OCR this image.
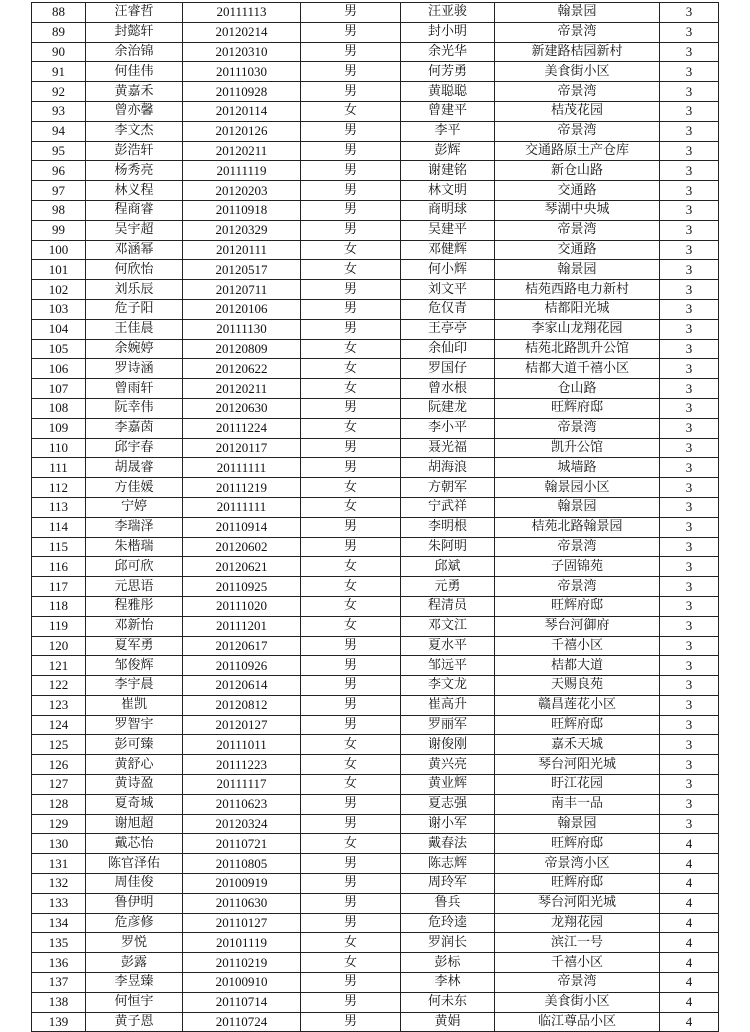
88	汪睿哲	20111113	男	汪亚骏	翰景园	3
89	封懿轩	20120214	男	封小明	帝景湾	3
90	余治锦	20120310	男	余光华	新建路桔园新村	3
91	何佳伟	20111030	男	何芳勇	美食街小区	3
92	黄嘉禾	20110928	男	黄聪聪	帝景湾	3
93	曾亦馨	20120114	女	曾建平	桔茂花园	3
94	李文杰	20120126	男	李平	帝景湾	3
95	彭浩轩	20120211	男	彭辉	交通路原土产仓库	3
96	杨秀亮	20111119	男	谢建铭	新仓山路	3
97	林义程	20120203	男	林文明	交通路	3
98	程商睿	20110918	男	商明球	琴湖中央城	3
99	吴宇超	20120329	男	吴建平	帝景湾	3
100	邓涵幂	20120111	女	邓健辉	交通路	3
101	何欣怡	20120517	女	何小辉	翰景园	3
102	刘乐辰	20120711	男	刘文平	桔苑西路电力新村	3
103	危子阳	20120106	男	危仅青	桔都阳光城	3
104	王佳晨	20111130	男	王亭亭	李家山龙翔花园	3
105	余婉婷	20120809	女	余仙印	桔苑北路凯升公馆	3
106	罗诗涵	20120622	女	罗国仔	桔都大道千禧小区	3
107	曾雨轩	20120211	女	曾水根	仓山路	3
108	阮幸伟	20120630	男	阮建龙	旺辉府邸	3
109	李嘉茵	20111224	女	李小平	帝景湾	3
110	邱宇春	20120117	男	聂光福	凯升公馆	3
111	胡晟睿	20111111	男	胡海浪	城墙路	3
112	方佳媛	20111219	女	方朝军	翰景园小区	3
113	宁婷	20111111	女	宁武祥	翰景园	3
114	李瑞泽	20110914	男	李明根	桔苑北路翰景园	3
115	朱楷瑞	20120602	男	朱阿明	帝景湾	3
116	邱可欣	20120621	女	邱斌	子固锦苑	3
117	元思语	20110925	女	元勇	帝景湾	3
118	程雅彤	20111020	女	程清员	旺辉府邸	3
119	邓新怡	20111201	女	邓文江	琴台河御府	3
120	夏军勇	20120617	男	夏水平	千禧小区	3
121	邹俊辉	20110926	男	邹远平	桔都大道	3
122	李宇晨	20120614	男	李文龙	天赐良苑	3
123	崔凯	20120812	男	崔高升	赣昌莲花小区	3
124	罗智宇	20120127	男	罗丽军	旺辉府邸	3
125	彭可臻	20111011	女	谢俊刚	嘉禾天城	3
126	黄舒心	20111223	女	黄兴亮	琴台河阳光城	3
127	黄诗盈	20111117	女	黄业辉	盱江花园	3
128	夏奇城	20110623	男	夏志强	南丰一品	3
129	谢旭超	20120324	男	谢小军	翰景园	3
130	戴芯怡	20110721	女	戴春法	旺辉府邸	4
131	陈官泽佑	20110805	男	陈志辉	帝景湾小区	4
132	周佳俊	20100919	男	周玲军	旺辉府邸	4
133	鲁伊明	20110630	男	鲁兵	琴台河阳光城	4
134	危彦修	20110127	男	危玲逵	龙翔花园	4
135	罗悦	20101119	女	罗润长	滨江一号	4
136	彭露	20110219	女	彭标	千禧小区	4
137	李昱臻	20100910	男	李林	帝景湾	4
138	何恒宇	20110714	男	何未东	美食街小区	4
139	黄子恩	20110724	男	黄娟	临江尊品小区	4
